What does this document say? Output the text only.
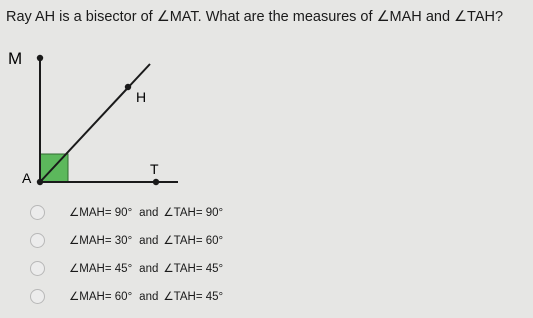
Ray AH is a bisector of ∠MAT. What are the measures of ∠MAH and ∠TAH?
M
H
A
T
∠MAH= 90° and ∠TAH= 90°
∠MAH= 30° and ∠TAH= 60°
∠MAH= 45° and ∠TAH= 45°
∠MAH= 60° and ∠TAH= 45°
